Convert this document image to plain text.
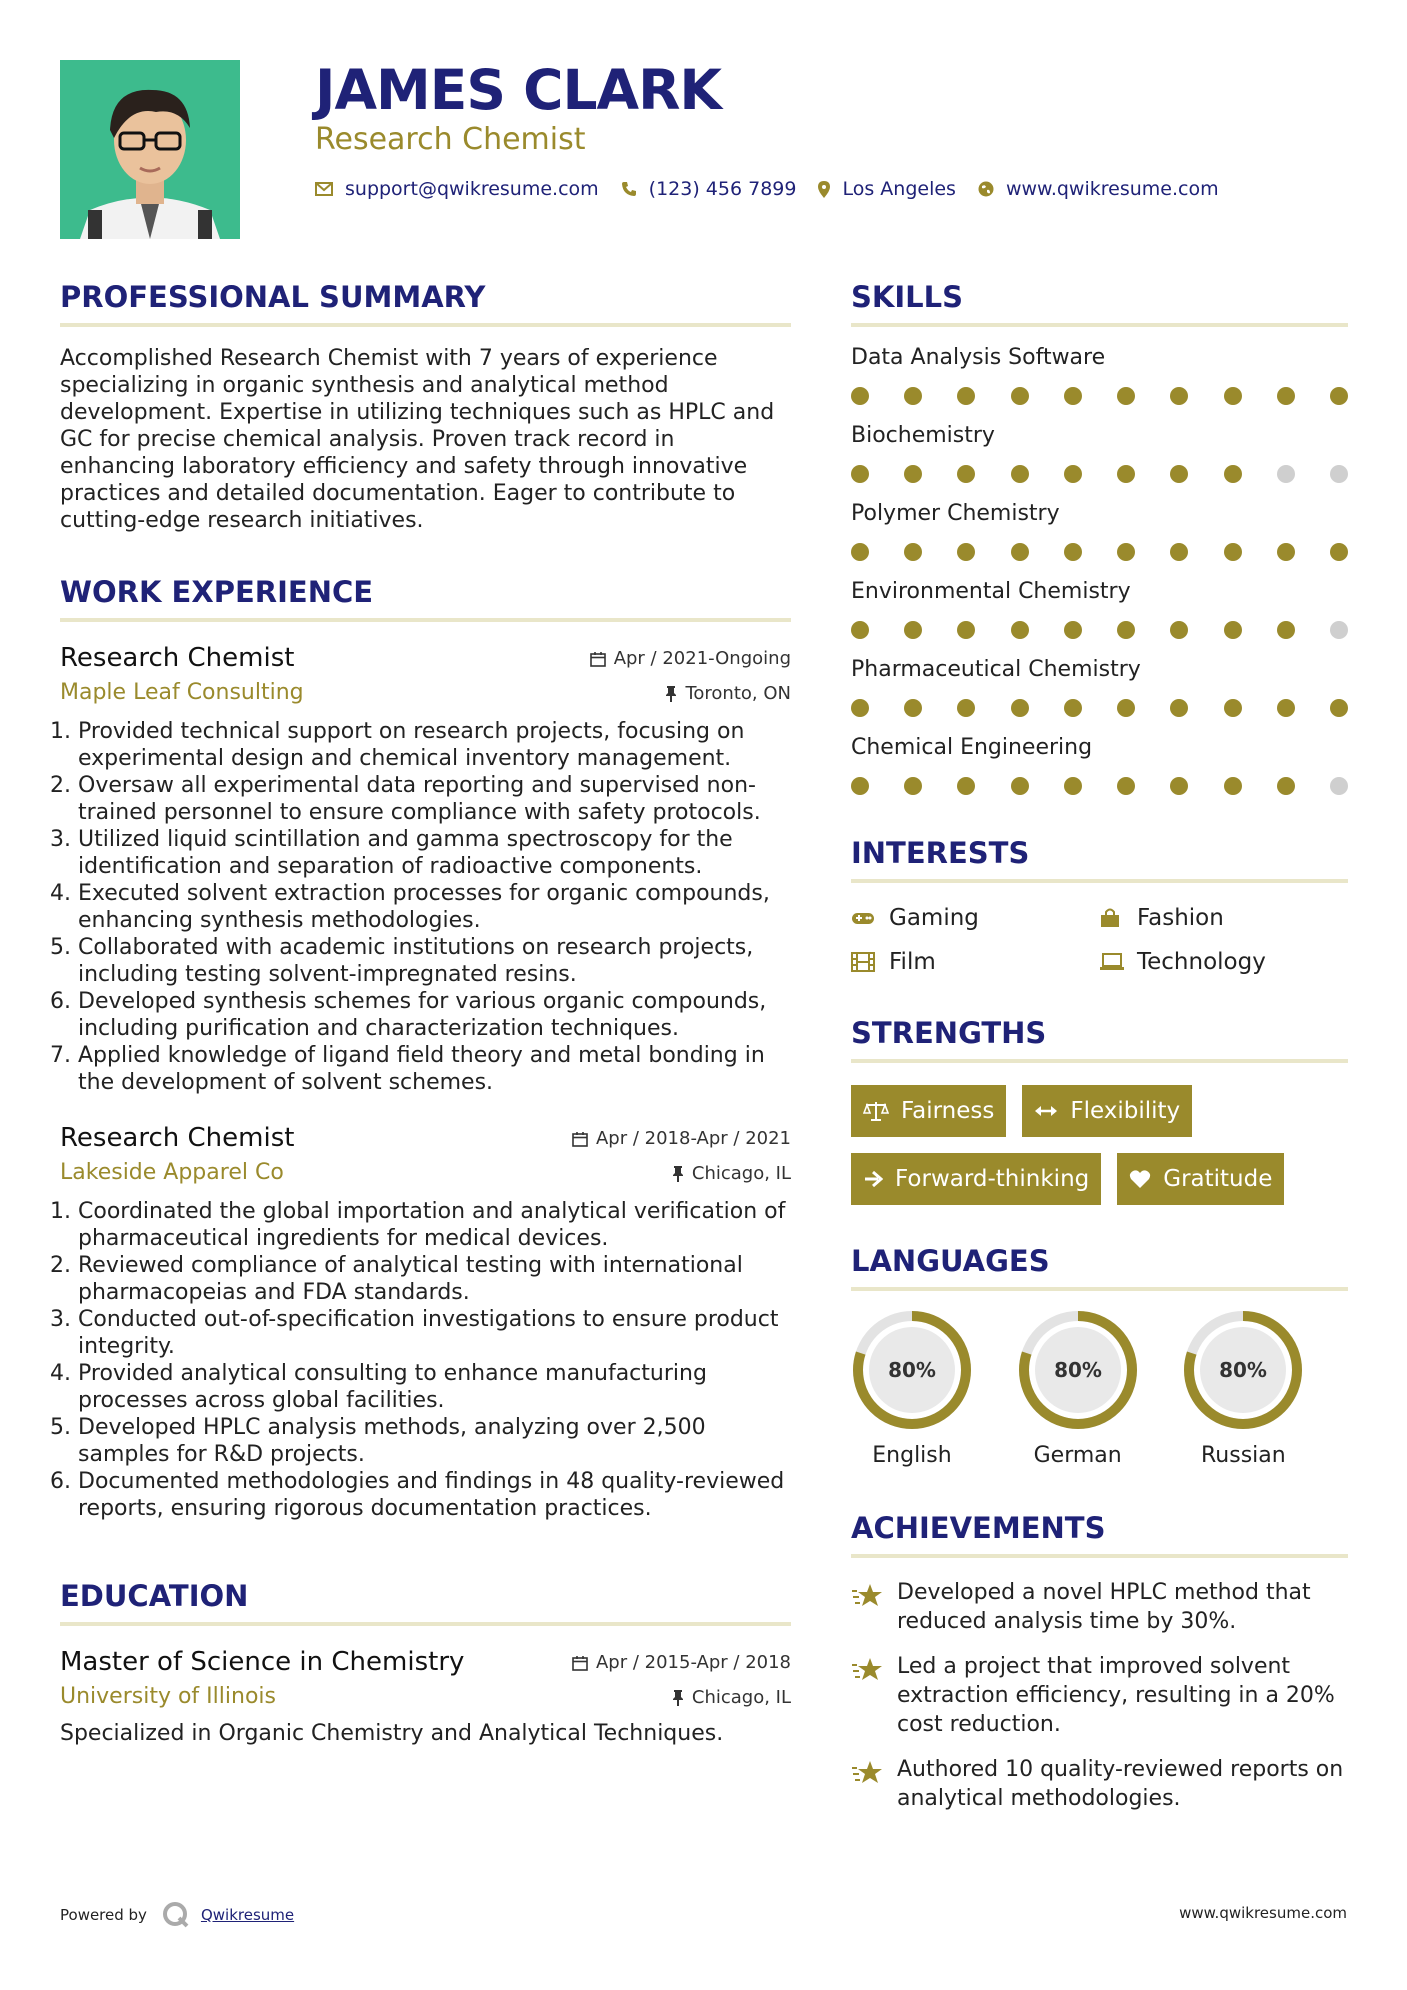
JAMES CLARK
Research Chemist
support@qwikresume.com	(123) 456 7899 Los Angeles	www.qwikresume.com
PROFESSIONAL SUMMARY
Accomplished Research Chemist with 7 years of experience specializing in organic synthesis and analytical method development. Expertise in utilizing techniques such as HPLC and GC for precise chemical analysis. Proven track record in enhancing laboratory efficiency and safety through innovative practices and detailed documentation. Eager to contribute to cutting-edge research initiatives.
WORK EXPERIENCE
Research Chemist
Maple Leaf Consulting
Apr / 2021-Ongoing
Toronto, ON
1. Provided technical support on research projects, focusing on experimental design and chemical inventory management.
2. Oversaw all experimental data reporting and supervised non-trained personnel to ensure compliance with safety protocols.
3. Utilized liquid scintillation and gamma spectroscopy for the identification and separation of radioactive components.
4. Executed solvent extraction processes for organic compounds, enhancing synthesis methodologies.
5. Collaborated with academic institutions on research projects, including testing solvent-impregnated resins.
6. Developed synthesis schemes for various organic compounds, including purification and characterization techniques.
7. Applied knowledge of ligand field theory and metal bonding in the development of solvent schemes.
Research Chemist
Lakeside Apparel Co
Apr / 2018-Apr / 2021
Chicago, IL
1. Coordinated the global importation and analytical verification of pharmaceutical ingredients for medical devices.
2. Reviewed compliance of analytical testing with international pharmacopeias and FDA standards.
3. Conducted out-of-specification investigations to ensure product integrity.
4. Provided analytical consulting to enhance manufacturing processes across global facilities.
5. Developed HPLC analysis methods, analyzing over 2,500 samples for R&D projects.
6. Documented methodologies and findings in 48 quality-reviewed reports, ensuring rigorous documentation practices.
EDUCATION
Master of Science in Chemistry
University of Illinois
Apr / 2015-Apr / 2018
Chicago, IL
Specialized in Organic Chemistry and Analytical Techniques.
SKILLS
Data Analysis Software
Biochemistry
Polymer Chemistry
Environmental Chemistry
Pharmaceutical Chemistry
Chemical Engineering
INTERESTS
Gaming	Fashion
Film	Technology
STRENGTHS
Fairness	Flexibility
Forward-thinking	Gratitude
LANGUAGES
80%
English
80%
German
80%
Russian
ACHIEVEMENTS
Developed a novel HPLC method that reduced analysis time by 30%.
Led a project that improved solvent extraction efficiency, resulting in a 20% cost reduction.
Authored 10 quality-reviewed reports on analytical methodologies.
Powered by	Qwikresume	www.qwikresume.com
